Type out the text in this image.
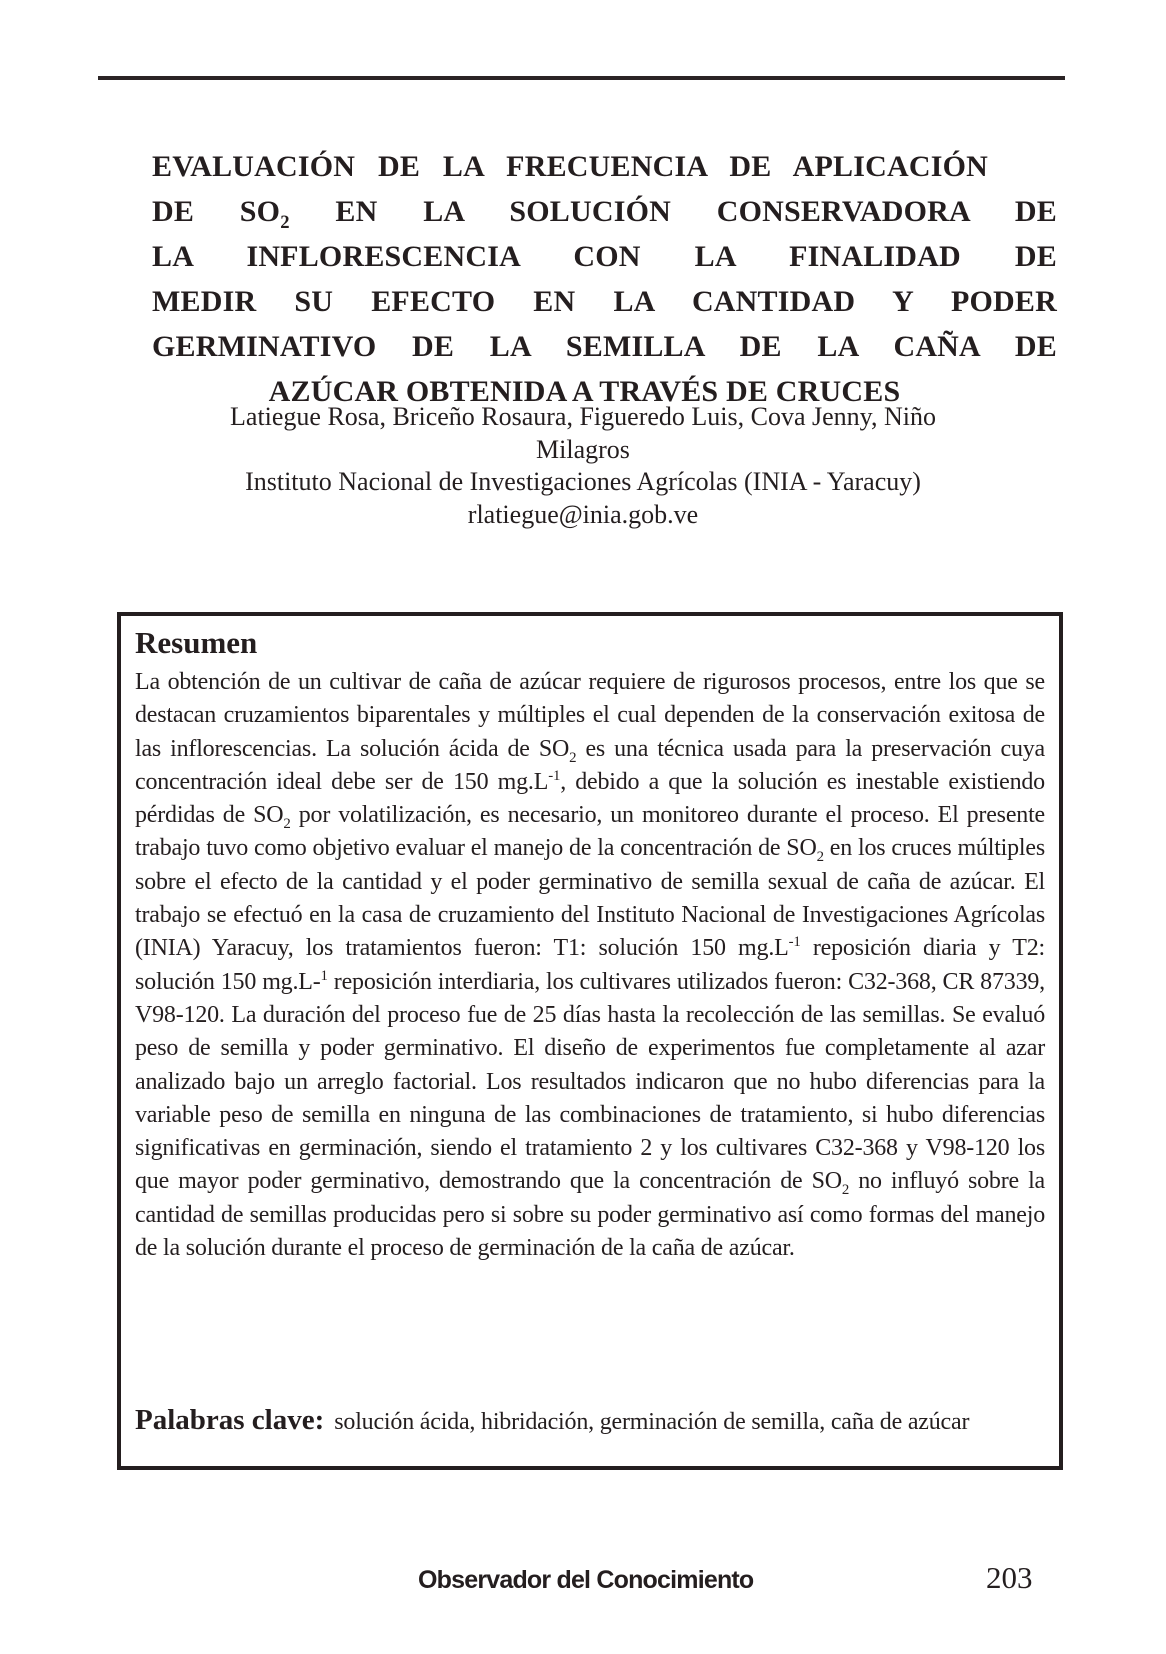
EVALUACIÓN DE LA FRECUENCIA DE APLICACIÓN
DE $SO_2$ EN LA SOLUCIÓN CONSERVADORA DE
LA INFLORESCENCIA CON LA FINALIDAD DE
MEDIR SU EFECTO EN LA CANTIDAD Y PODER
GERMINATIVO DE LA SEMILLA DE LA CAÑA DE
AZÚCAR OBTENIDA A TRAVÉS DE CRUCES
Latiegue Rosa, Briceño Rosaura, Figueredo Luis, Cova Jenny, Niño
Milagros
Instituto Nacional de Investigaciones Agrícolas (INIA - Yaracuy)
rlatiegue@inia.gob.ve
Resumen
La obtención de un cultivar de caña de azúcar requiere de rigurosos procesos, entre los que se destacan cruzamientos biparentales y múltiples el cual dependen de la conservación exitosa de las inflorescencias. La solución ácida de $SO_2$ es una técnica usada para la preservación cuya concentración ideal debe ser de 150 $mg.L^{-1}$, debido a que la solución es inestable existiendo pérdidas de $SO_2$ por volatilización, es necesario, un monitoreo durante el proceso. El presente trabajo tuvo como objetivo evaluar el manejo de la concentración de $SO_2$ en los cruces múltiples sobre el efecto de la cantidad y el poder germinativo de semilla sexual de caña de azúcar. El trabajo se efectuó en la casa de cruzamiento del Instituto Nacional de Investigaciones Agrícolas (INIA) Yaracuy, los tratamientos fueron: T1: solución 150 $mg.L^{-1}$ reposición diaria y T2: solución 150 mg.L-$^1$ reposición interdiaria, los cultivares utilizados fueron: C32-368, CR 87339, V98-120. La duración del proceso fue de 25 días hasta la recolección de las semillas. Se evaluó peso de semilla y poder germinativo. El diseño de experimentos fue completamente al azar analizado bajo un arreglo factorial. Los resultados indicaron que no hubo diferencias para la variable peso de semilla en ninguna de las combinaciones de tratamiento, si hubo diferencias significativas en germinación, siendo el tratamiento 2 y los cultivares C32-368 y V98-120 los que mayor poder germinativo, demostrando que la concentración de $SO_2$ no influyó sobre la cantidad de semillas producidas pero si sobre su poder germinativo así como formas del manejo de la solución durante el proceso de germinación de la caña de azúcar.
Palabras clave: solución ácida, hibridación, germinación de semilla, caña de azúcar
Observador del Conocimiento	203
